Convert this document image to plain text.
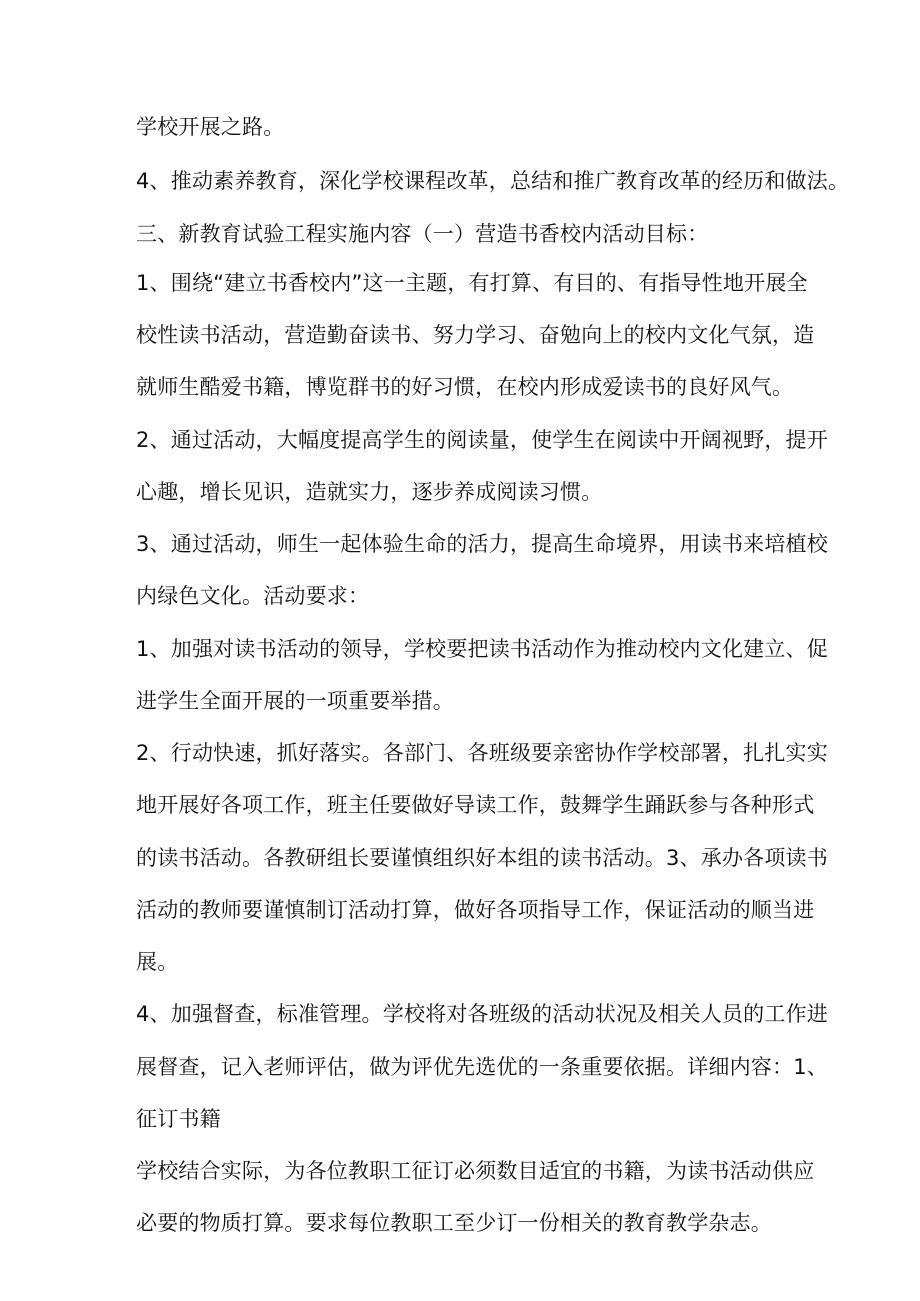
学校开展之路。

4、推动素养教育，深化学校课程改革，总结和推广教育改革的经历和做法。

三、新教育试验工程实施内容（一）营造书香校内活动目标：

1、围绕“建立书香校内”这一主题，有打算、有目的、有指导性地开展全

校性读书活动，营造勤奋读书、努力学习、奋勉向上的校内文化气氛，造

就师生酷爱书籍，博览群书的好习惯，在校内形成爱读书的良好风气。

2、通过活动，大幅度提高学生的阅读量，使学生在阅读中开阔视野，提开

心趣，增长见识，造就实力，逐步养成阅读习惯。

3、通过活动，师生一起体验生命的活力，提高生命境界，用读书来培植校

内绿色文化。活动要求：

1、加强对读书活动的领导，学校要把读书活动作为推动校内文化建立、促

进学生全面开展的一项重要举措。

2、行动快速，抓好落实。各部门、各班级要亲密协作学校部署，扎扎实实

地开展好各项工作，班主任要做好导读工作，鼓舞学生踊跃参与各种形式

的读书活动。各教研组长要谨慎组织好本组的读书活动。3、承办各项读书

活动的教师要谨慎制订活动打算，做好各项指导工作，保证活动的顺当进

展。

4、加强督查，标准管理。学校将对各班级的活动状况及相关人员的工作进

展督查，记入老师评估，做为评优先选优的一条重要依据。详细内容：1、

征订书籍

学校结合实际，为各位教职工征订必须数目适宜的书籍，为读书活动供应

必要的物质打算。要求每位教职工至少订一份相关的教育教学杂志。
